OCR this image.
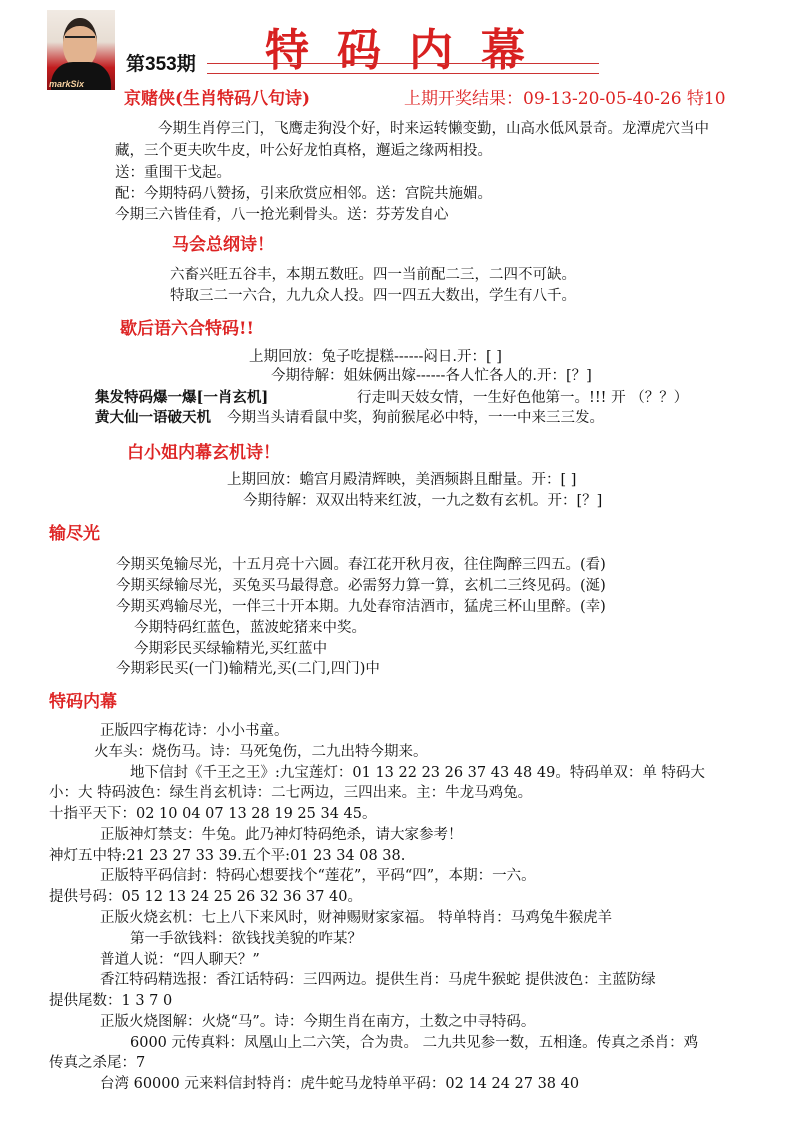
markSix
第353期 特码内幕
京赌侠(生肖特码八句诗)	上期开奖结果：09-13-20-05-40-26 特10
今期生肖停三门，飞鹰走狗没个好，时来运转懒变勤，山高水低风景奇。龙潭虎穴当中
藏，三个更夫吹牛皮，叶公好龙怕真格，邂逅之缘两相投。
送：重围干戈起。
配：今期特码八赞扬，引来欣赏应相邻。送：宫院共施媚。
今期三六皆佳肴，八一抢光剩骨头。送：芬芳发自心
马会总纲诗！
六畜兴旺五谷丰，本期五数旺。四一当前配二三，二四不可缺。
特取三二一六合，九九众人投。四一四五大数出，学生有八千。
歇后语六合特码!!
上期回放：兔子吃提糕------闷日.开：[ ]
今期待解：姐妹俩出嫁------各人忙各人的.开：[？]
集发特码爆一爆[一肖玄机]	行走叫天妓女情，一生好色他第一。!!! 开 （？？）
黄大仙一语破天机 今期当头请看鼠中奖，狗前猴尾必中特，一一中来三三发。
白小姐内幕玄机诗！
上期回放：蟾宫月殿清辉映，美酒频斟且酣量。开：[ ]
今期待解：双双出特来红波，一九之数有玄机。开：[？]
输尽光
今期买兔输尽光，十五月亮十六圆。春江花开秋月夜，往住陶醉三四五。(看)
今期买绿输尽光，买兔买马最得意。必需努力算一算，玄机二三终见码。(涎)
今期买鸡输尽光，一伴三十开本期。九处春帘洁酒市，猛虎三杯山里醉。(幸)
今期特码红蓝色，蓝波蛇猪来中奖。
今期彩民买绿输精光,买红蓝中
今期彩民买(一门)输精光,买(二门,四门)中
特码内幕
正版四字梅花诗：小小书童。
火车头：烧伤马。诗：马死兔伤，二九出特今期来。
地下信封《千王之王》:九宝莲灯：01 13 22 23 26 37 43 48 49。特码单双：单 特码大
小：大 特码波色：绿生肖玄机诗：二七两边，三四出来。主：牛龙马鸡兔。
十指平天下：02 10 04 07 13 28 19 25 34 45。
正版神灯禁支：牛兔。此乃神灯特码绝杀，请大家参考！
神灯五中特:21 23 27 33 39.五个平:01 23 34 08 38.
正版特平码信封：特码心想要找个“莲花”，平码“四”，本期：一六。
提供号码：05 12 13 24 25 26 32 36 37 40。
正版火烧玄机：七上八下来风时，财神赐财家家福。 特单特肖：马鸡兔牛猴虎羊
第一手欲钱料：欲钱找美貌的咋某？
普道人说：“四人聊天？”
香江特码精选报：香江话特码：三四两边。提供生肖：马虎牛猴蛇 提供波色：主蓝防绿
提供尾数：1 3 7 0
正版火烧图解：火烧“马”。诗：今期生肖在南方，土数之中寻特码。
6000 元传真料：凤凰山上二六笑，合为贵。 二九共见参一数，五相逢。传真之杀肖：鸡
传真之杀尾：7
台湾 60000 元来料信封特肖：虎牛蛇马龙特单平码：02 14 24 27 38 40
